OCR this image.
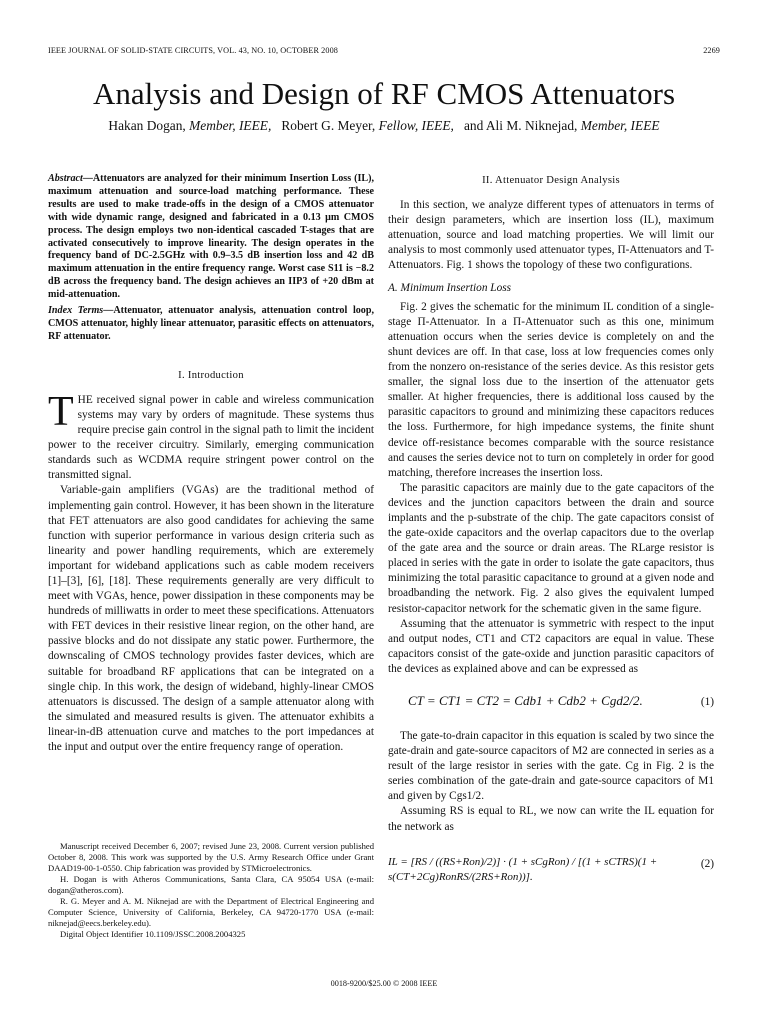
IEEE JOURNAL OF SOLID-STATE CIRCUITS, VOL. 43, NO. 10, OCTOBER 2008	2269
Analysis and Design of RF CMOS Attenuators
Hakan Dogan, Member, IEEE, Robert G. Meyer, Fellow, IEEE, and Ali M. Niknejad, Member, IEEE
Abstract—Attenuators are analyzed for their minimum Insertion Loss (IL), maximum attenuation and source-load matching performance. These results are used to make trade-offs in the design of a CMOS attenuator with wide dynamic range, designed and fabricated in a 0.13 μm CMOS process. The design employs two non-identical cascaded T-stages that are activated consecutively to improve linearity. The design operates in the frequency band of DC-2.5GHz with 0.9–3.5 dB insertion loss and 42 dB maximum attenuation in the entire frequency range. Worst case S11 is −8.2 dB across the frequency band. The design achieves an IIP3 of +20 dBm at mid-attenuation.
Index Terms—Attenuator, attenuator analysis, attenuation control loop, CMOS attenuator, highly linear attenuator, parasitic effects on attenuators, RF attenuator.
I. Introduction

THE received signal power in cable and wireless communication systems may vary by orders of magnitude. These systems thus require precise gain control in the signal path to limit the incident power to the receiver circuitry. Similarly, emerging communication standards such as WCDMA require stringent power control on the transmitted signal.

Variable-gain amplifiers (VGAs) are the traditional method of implementing gain control. However, it has been shown in the literature that FET attenuators are also good candidates for achieving the same function with superior performance in various design criteria such as linearity and power handling requirements, which are exteremely important for wideband applications such as cable modem receivers [1]–[3], [6], [18]. These requirements generally are very difficult to meet with VGAs, hence, power dissipation in these components may be hundreds of milliwatts in order to meet these specifications. Attenuators with FET devices in their resistive linear region, on the other hand, are passive blocks and do not dissipate any static power. Furthermore, the downscaling of CMOS technology provides faster devices, which are suitable for broadband RF applications that can be integrated on a single chip. In this work, the design of wideband, highly-linear CMOS attenuators is discussed. The design of a sample attenuator along with the simulated and measured results is given. The attenuator exhibits a linear-in-dB attenuation curve and matches to the port impedances at the input and output over the entire frequency range of operation.

Manuscript received December 6, 2007; revised June 23, 2008. Current version published October 8, 2008. This work was supported by the U.S. Army Research Office under Grant DAAD19-00-1-0550. Chip fabrication was provided by STMicroelectronics.

H. Dogan is with Atheros Communications, Santa Clara, CA 95054 USA (e-mail: dogan@atheros.com).

R. G. Meyer and A. M. Niknejad are with the Department of Electrical Engineering and Computer Science, University of California, Berkeley, CA 94720-1770 USA (e-mail: niknejad@eecs.berkeley.edu).

Digital Object Identifier 10.1109/JSSC.2008.2004325

II. Attenuator Design Analysis

In this section, we analyze different types of attenuators in terms of their design parameters, which are insertion loss (IL), maximum attenuation, source and load matching properties. We will limit our analysis to most commonly used attenuator types, Π-Attenuators and T-Attenuators. Fig. 1 shows the topology of these two configurations.

A. Minimum Insertion Loss

Fig. 2 gives the schematic for the minimum IL condition of a single-stage Π-Attenuator. In a Π-Attenuator such as this one, minimum attenuation occurs when the series device is completely on and the shunt devices are off. In that case, loss at low frequencies comes only from the nonzero on-resistance of the series device. As this resistor gets smaller, the signal loss due to the insertion of the attenuator gets smaller. At higher frequencies, there is additional loss caused by the parasitic capacitors to ground and minimizing these capacitors reduces the loss. Furthermore, for high impedance systems, the finite shunt device off-resistance becomes comparable with the source resistance and causes the series device not to turn on completely in order for good matching, therefore increases the insertion loss.

The parasitic capacitors are mainly due to the gate capacitors of the devices and the junction capacitors between the drain and source implants and the p-substrate of the chip. The gate capacitors consist of the gate-oxide capacitors and the overlap capacitors due to the overlap of the gate area and the source or drain areas. The RLarge resistor is placed in series with the gate in order to isolate the gate capacitors, thus minimizing the total parasitic capacitance to ground at a given node and broadbanding the network. Fig. 2 also gives the equivalent lumped resistor-capacitor network for the schematic given in the same figure.

Assuming that the attenuator is symmetric with respect to the input and output nodes, CT1 and CT2 capacitors are equal in value. These capacitors consist of the gate-oxide and junction parasitic capacitors of the devices as explained above and can be expressed as

CT = CT1 = CT2 = Cdb1 + Cdb2 + Cgd2/2.	(1)

The gate-to-drain capacitor in this equation is scaled by two since the gate-drain and gate-source capacitors of M2 are connected in series as a result of the large resistor in series with the gate. Cg in Fig. 2 is the series combination of the gate-drain and gate-source capacitors of M1 and given by Cgs1/2.

Assuming RS is equal to RL, we now can write the IL equation for the network as

IL = [RS / ((RS+Ron)/2)] · (1 + sCgRon) / [(1 + sCTRS)(1 + s(CT+2Cg)RonRS/(2RS+Ron))].
(2)
0018-9200/$25.00 © 2008 IEEE
